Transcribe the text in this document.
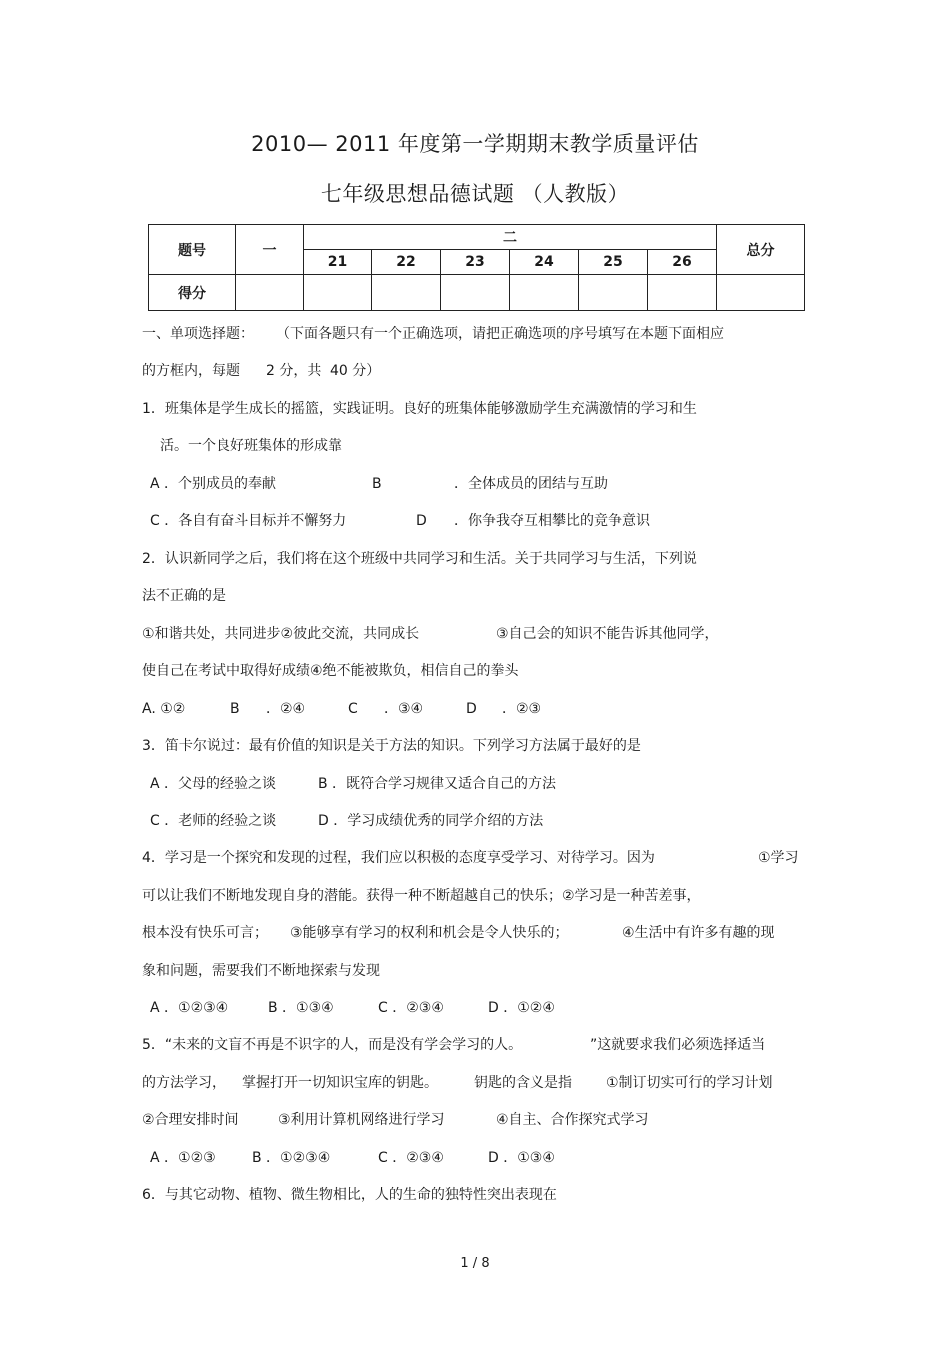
2010— 2011 年度第一学期期末教学质量评估
七年级思想品德试题 （人教版）
题号	一	二						总分
		21	22	23	24	25	26	
得分								
一、单项选择题： （下面各题只有一个正确选项，请把正确选项的序号填写在本题下面相应
的方框内，每题 2 分，共 40 分）
1．班集体是学生成长的摇篮，实践证明。良好的班集体能够激励学生充满激情的学习和生
活。一个良好班集体的形成靠
A ．个别成员的奉献	B	．全体成员的团结与互助
C ．各自有奋斗目标并不懈努力	D ．你争我夺互相攀比的竞争意识
2．认识新同学之后，我们将在这个班级中共同学习和生活。关于共同学习与生活，下列说
法不正确的是
①和谐共处，共同进步②彼此交流，共同成长	③自己会的知识不能告诉其他同学，
使自己在考试中取得好成绩④绝不能被欺负，相信自己的拳头
A. ①②	B ．②④	C ．③④	D ．②③
3．笛卡尔说过：最有价值的知识是关于方法的知识。下列学习方法属于最好的是
A ．父母的经验之谈	B ．既符合学习规律又适合自己的方法
C ．老师的经验之谈	D ．学习成绩优秀的同学介绍的方法
4．学习是一个探究和发现的过程，我们应以积极的态度享受学习、对待学习。因为	①学习
可以让我们不断地发现自身的潜能。获得一种不断超越自己的快乐；②学习是一种苦差事，
根本没有快乐可言； ③能够享有学习的权利和机会是令人快乐的；	④生活中有许多有趣的现
象和问题，需要我们不断地探索与发现
A ．①②③④	B ．①③④	C ．②③④	D ．①②④
5．“未来的文盲不再是不识字的人，而是没有学会学习的人。	”这就要求我们必须选择适当
的方法学习， 掌握打开一切知识宝库的钥匙。	钥匙的含义是指 ①制订切实可行的学习计划
②合理安排时间	③利用计算机网络进行学习	④自主、合作探究式学习
A ．①②③	B ．①②③④	C ．②③④	D ．①③④
6．与其它动物、植物、微生物相比，人的生命的独特性突出表现在
1 / 8
